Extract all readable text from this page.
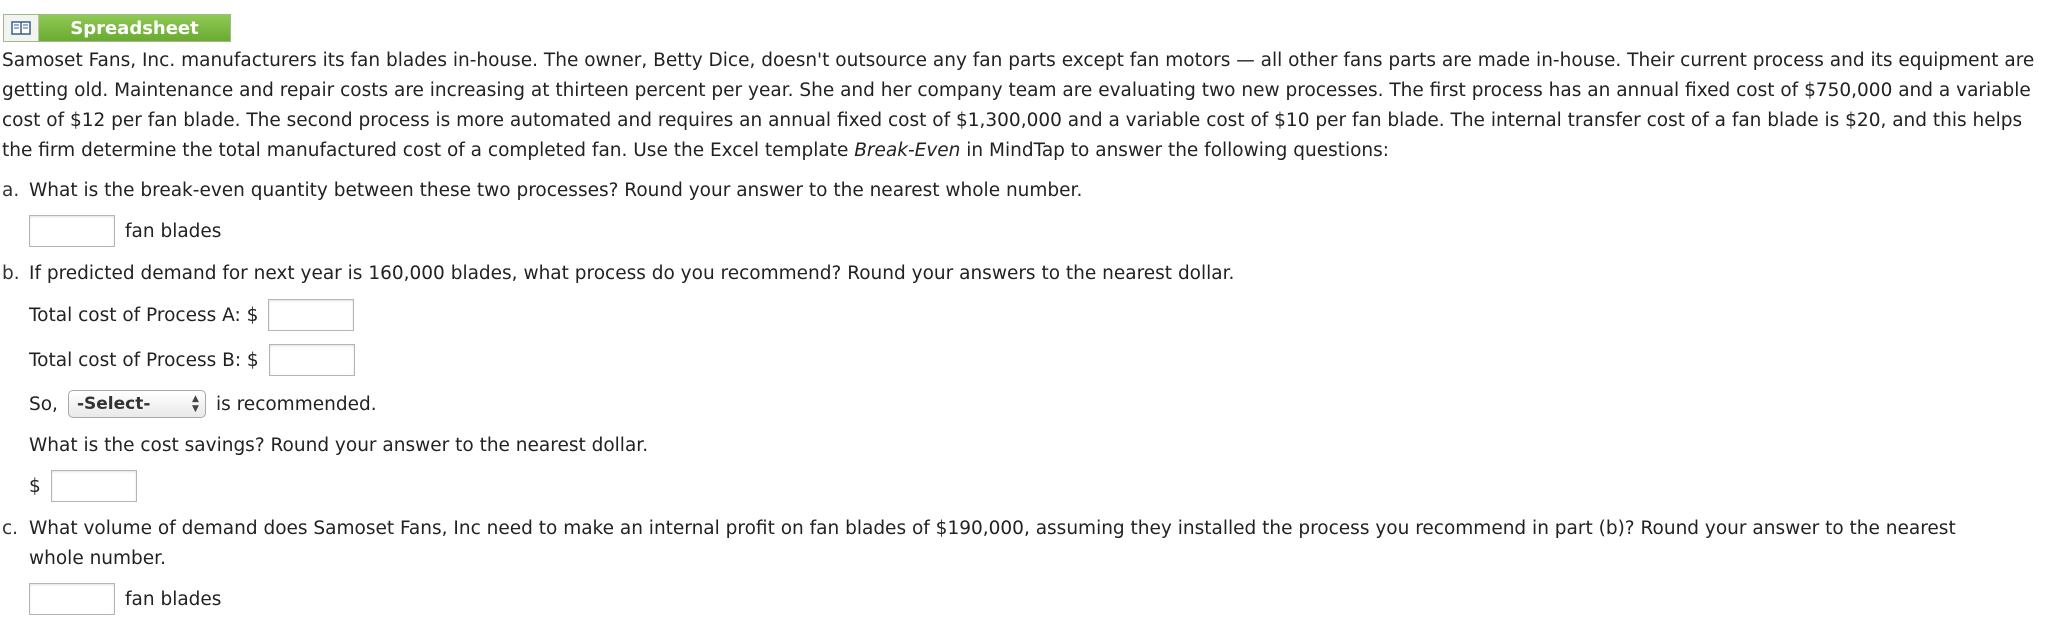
Spreadsheet

Samoset Fans, Inc. manufacturers its fan blades in-house. The owner, Betty Dice, doesn't outsource any fan parts except fan motors — all other fans parts are made in-house. Their current process and its equipment are getting old. Maintenance and repair costs are increasing at thirteen percent per year. She and her company team are evaluating two new processes. The first process has an annual fixed cost of $750,000 and a variable cost of $12 per fan blade. The second process is more automated and requires an annual fixed cost of $1,300,000 and a variable cost of $10 per fan blade. The internal transfer cost of a fan blade is $20, and this helps the firm determine the total manufactured cost of a completed fan. Use the Excel template Break-Even in MindTap to answer the following questions:

a. What is the break-even quantity between these two processes? Round your answer to the nearest whole number.
fan blades
b. If predicted demand for next year is 160,000 blades, what process do you recommend? Round your answers to the nearest dollar.
Total cost of Process A: $
Total cost of Process B: $
So, -Select-	▲
▼ is recommended.
What is the cost savings? Round your answer to the nearest dollar.
$
c. What volume of demand does Samoset Fans, Inc need to make an internal profit on fan blades of $190,000, assuming they installed the process you recommend in part (b)? Round your answer to the nearest whole number.
fan blades
